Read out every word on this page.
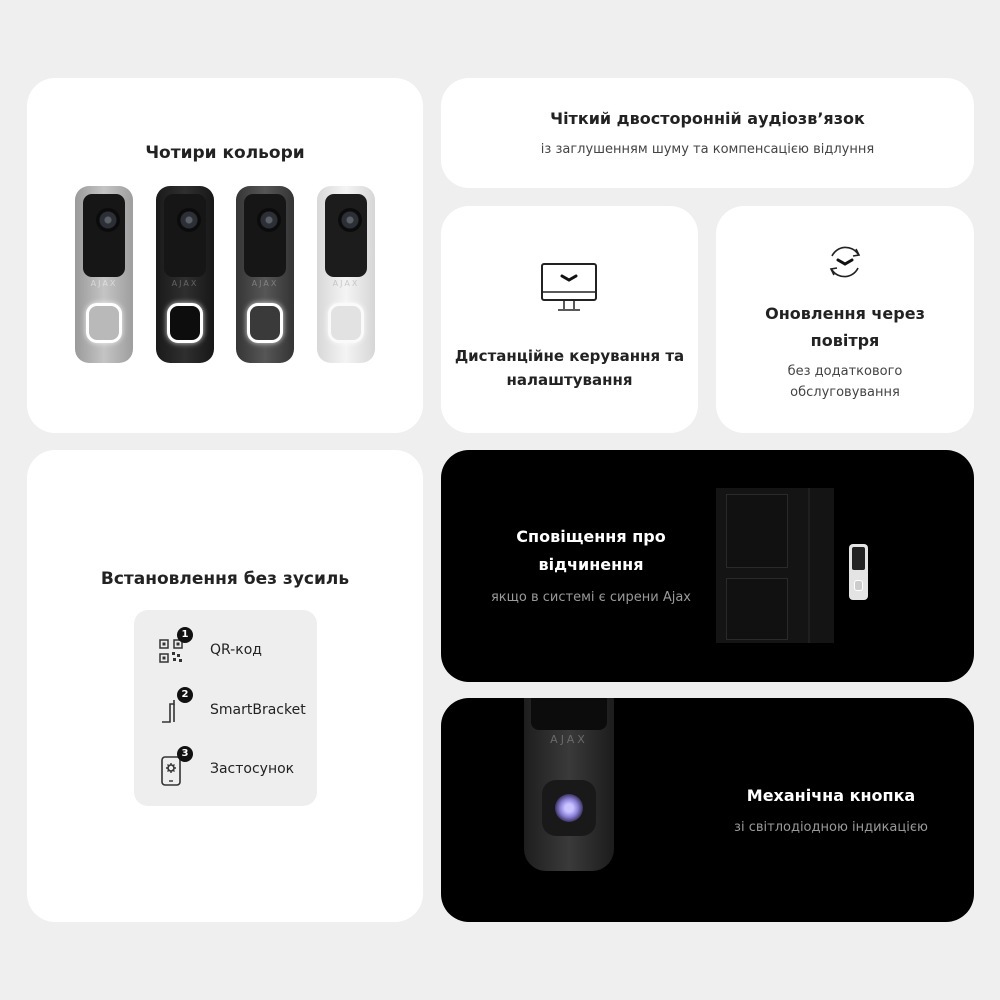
Чотири кольори
AJAX	AJAX	AJAX	AJAX
Чіткий двосторонній аудіозв’язок
із заглушенням шуму та компенсацією відлуння
Дистанційне керування та
налаштування
Оновлення через
повітря
без додаткового
обслуговування
Встановлення без зусиль
1
QR-код
2
SmartBracket
3
Застосунок
Сповіщення про
відчинення
якщо в системі є сирени Ajax
AJAX
Механічна кнопка
зі світлодіодною індикацією
